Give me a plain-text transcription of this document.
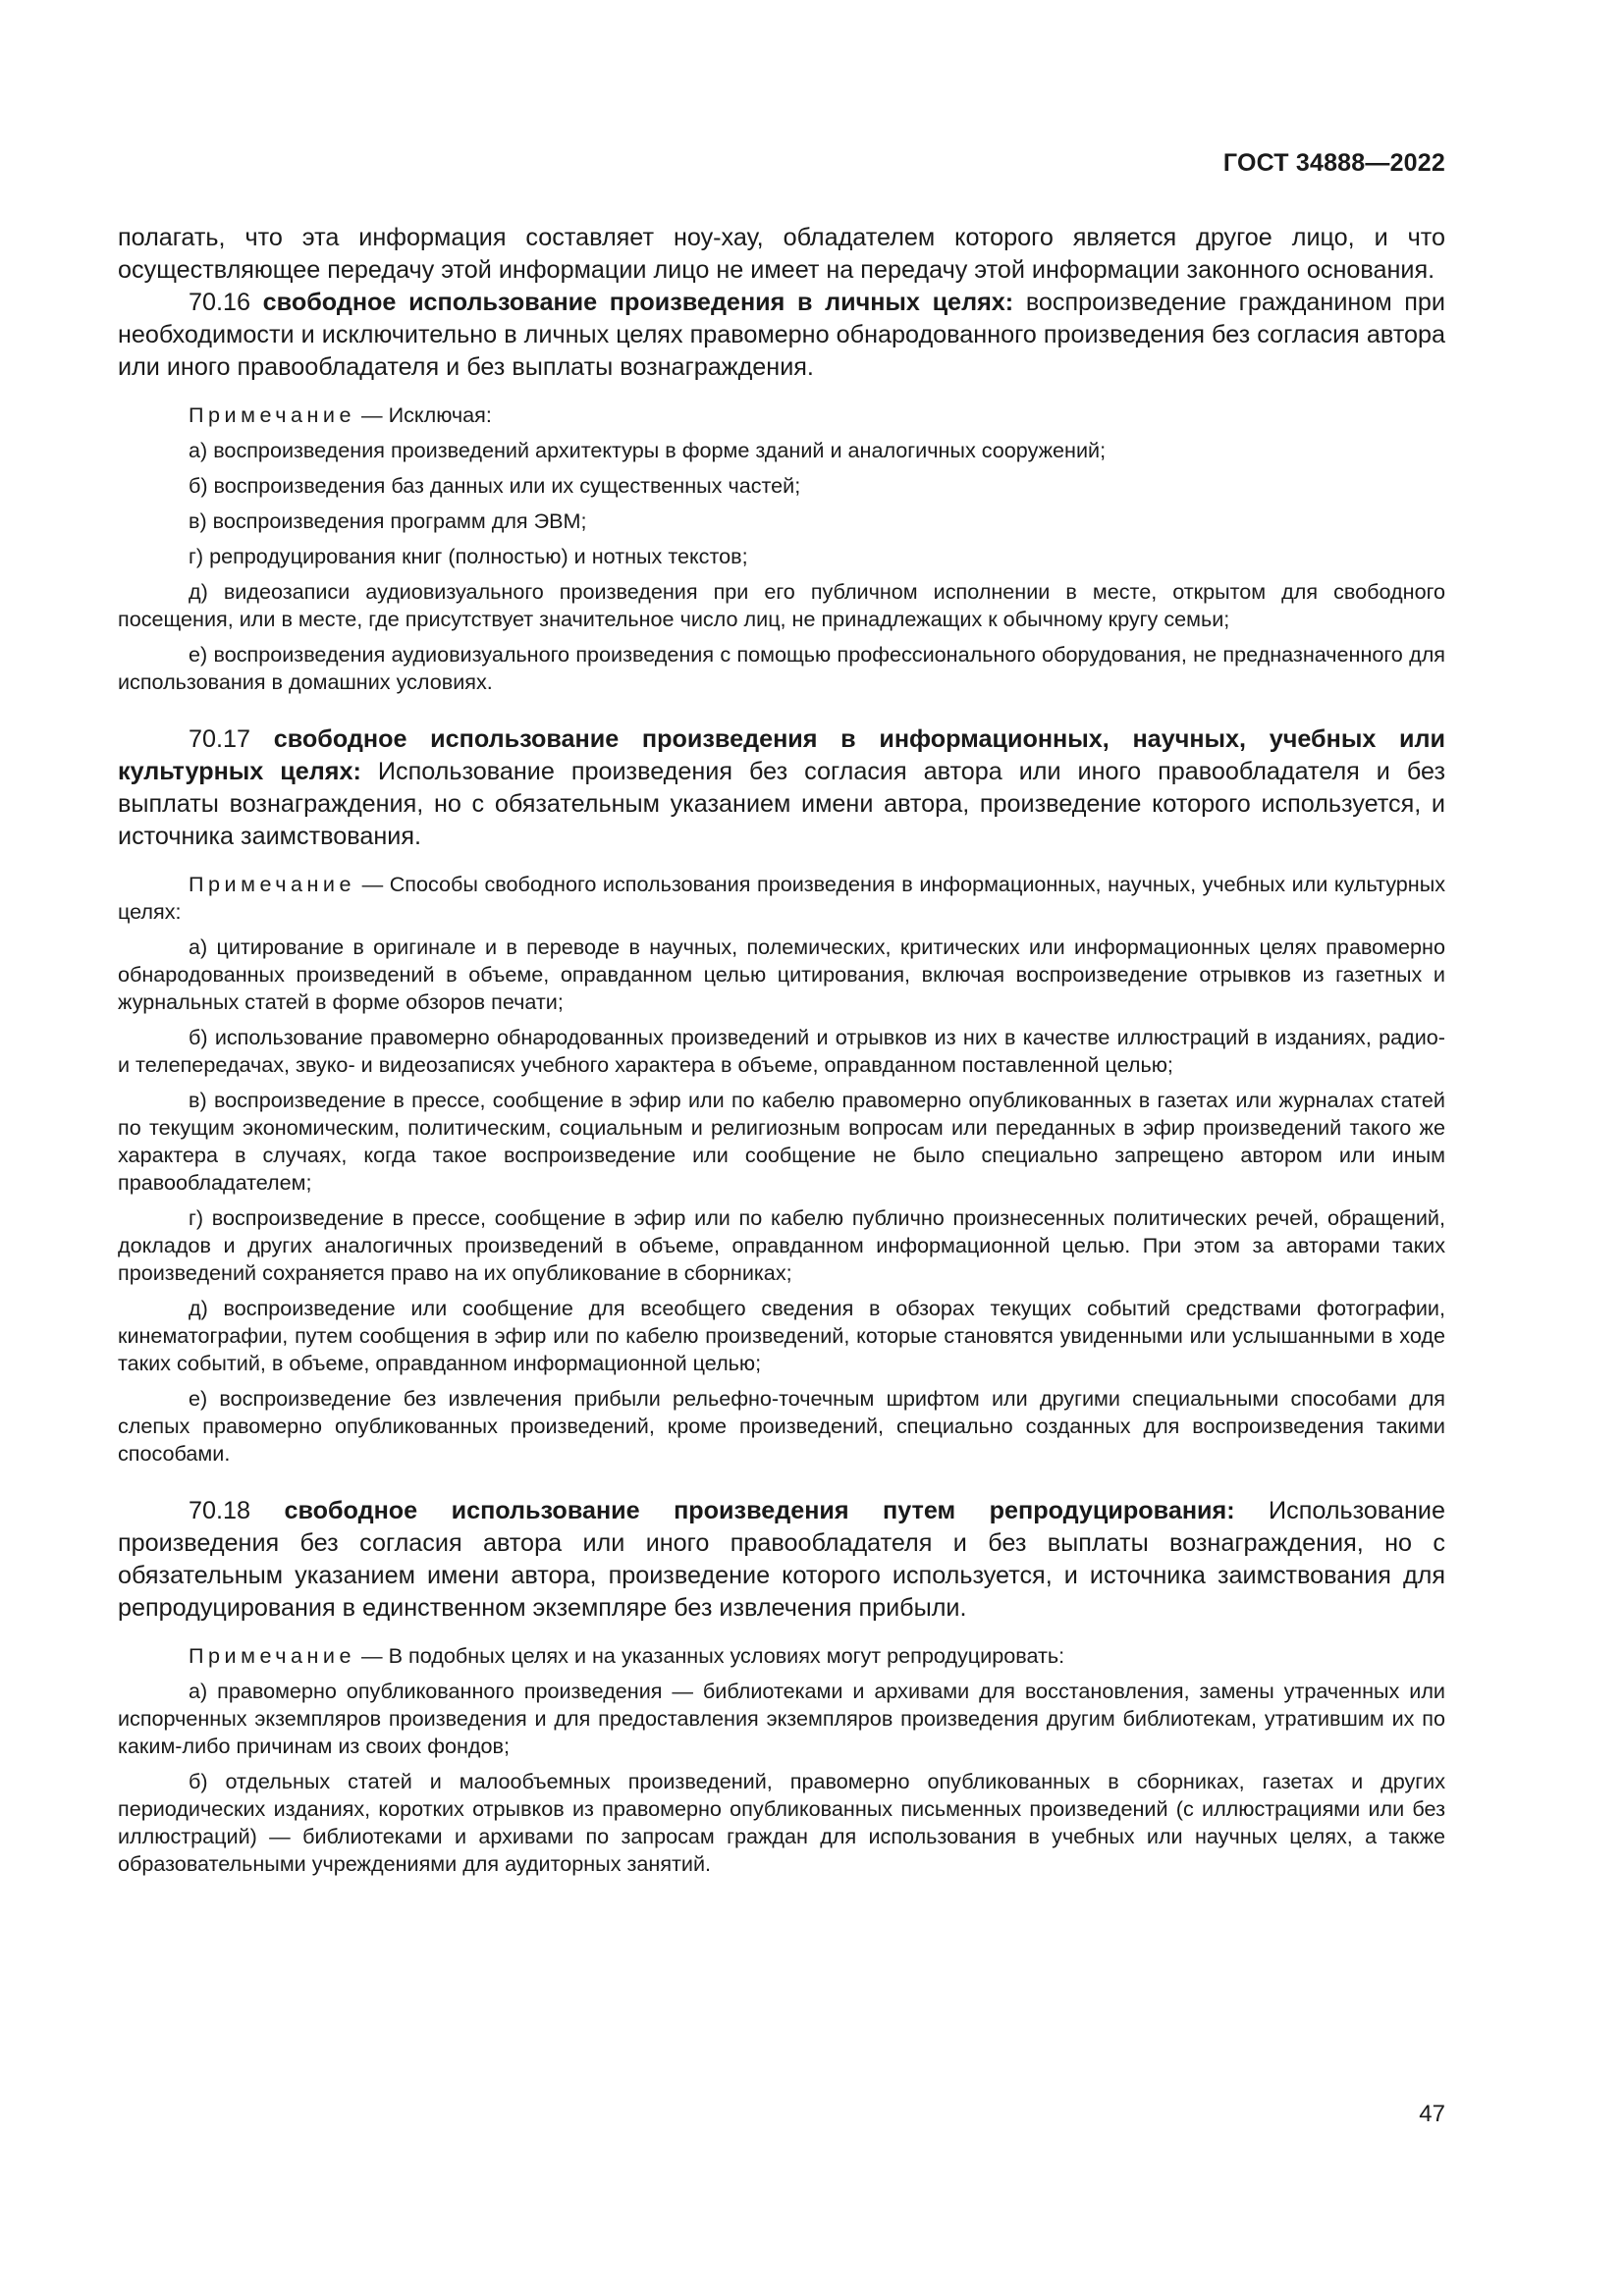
ГОСТ 34888—2022

полагать, что эта информация составляет ноу-хау, обладателем которого является другое лицо, и что осуществляющее передачу этой информации лицо не имеет на передачу этой информации законного основания.

70.16 свободное использование произведения в личных целях: воспроизведение гражданином при необходимости и исключительно в личных целях правомерно обнародованного произведения без согласия автора или иного правообладателя и без выплаты вознаграждения.

Примечание — Исключая:

а) воспроизведения произведений архитектуры в форме зданий и аналогичных сооружений;

б) воспроизведения баз данных или их существенных частей;

в) воспроизведения программ для ЭВМ;

г) репродуцирования книг (полностью) и нотных текстов;

д) видеозаписи аудиовизуального произведения при его публичном исполнении в месте, открытом для свободного посещения, или в месте, где присутствует значительное число лиц, не принадлежащих к обычному кругу семьи;

е) воспроизведения аудиовизуального произведения с помощью профессионального оборудования, не предназначенного для использования в домашних условиях.

70.17 свободное использование произведения в информационных, научных, учебных или культурных целях: Использование произведения без согласия автора или иного правообладателя и без выплаты вознаграждения, но с обязательным указанием имени автора, произведение которого используется, и источника заимствования.

Примечание — Способы свободного использования произведения в информационных, научных, учебных или культурных целях:

а) цитирование в оригинале и в переводе в научных, полемических, критических или информационных целях правомерно обнародованных произведений в объеме, оправданном целью цитирования, включая воспроизведение отрывков из газетных и журнальных статей в форме обзоров печати;

б) использование правомерно обнародованных произведений и отрывков из них в качестве иллюстраций в изданиях, радио- и телепередачах, звуко- и видеозаписях учебного характера в объеме, оправданном поставленной целью;

в) воспроизведение в прессе, сообщение в эфир или по кабелю правомерно опубликованных в газетах или журналах статей по текущим экономическим, политическим, социальным и религиозным вопросам или переданных в эфир произведений такого же характера в случаях, когда такое воспроизведение или сообщение не было специально запрещено автором или иным правообладателем;

г) воспроизведение в прессе, сообщение в эфир или по кабелю публично произнесенных политических речей, обращений, докладов и других аналогичных произведений в объеме, оправданном информационной целью. При этом за авторами таких произведений сохраняется право на их опубликование в сборниках;

д) воспроизведение или сообщение для всеобщего сведения в обзорах текущих событий средствами фотографии, кинематографии, путем сообщения в эфир или по кабелю произведений, которые становятся увиденными или услышанными в ходе таких событий, в объеме, оправданном информационной целью;

е) воспроизведение без извлечения прибыли рельефно-точечным шрифтом или другими специальными способами для слепых правомерно опубликованных произведений, кроме произведений, специально созданных для воспроизведения такими способами.

70.18 свободное использование произведения путем репродуцирования: Использование произведения без согласия автора или иного правообладателя и без выплаты вознаграждения, но с обязательным указанием имени автора, произведение которого используется, и источника заимствования для репродуцирования в единственном экземпляре без извлечения прибыли.

Примечание — В подобных целях и на указанных условиях могут репродуцировать:

а) правомерно опубликованного произведения — библиотеками и архивами для восстановления, замены утраченных или испорченных экземпляров произведения и для предоставления экземпляров произведения другим библиотекам, утратившим их по каким-либо причинам из своих фондов;

б) отдельных статей и малообъемных произведений, правомерно опубликованных в сборниках, газетах и других периодических изданиях, коротких отрывков из правомерно опубликованных письменных произведений (с иллюстрациями или без иллюстраций) — библиотеками и архивами по запросам граждан для использования в учебных или научных целях, а также образовательными учреждениями для аудиторных занятий.

47
